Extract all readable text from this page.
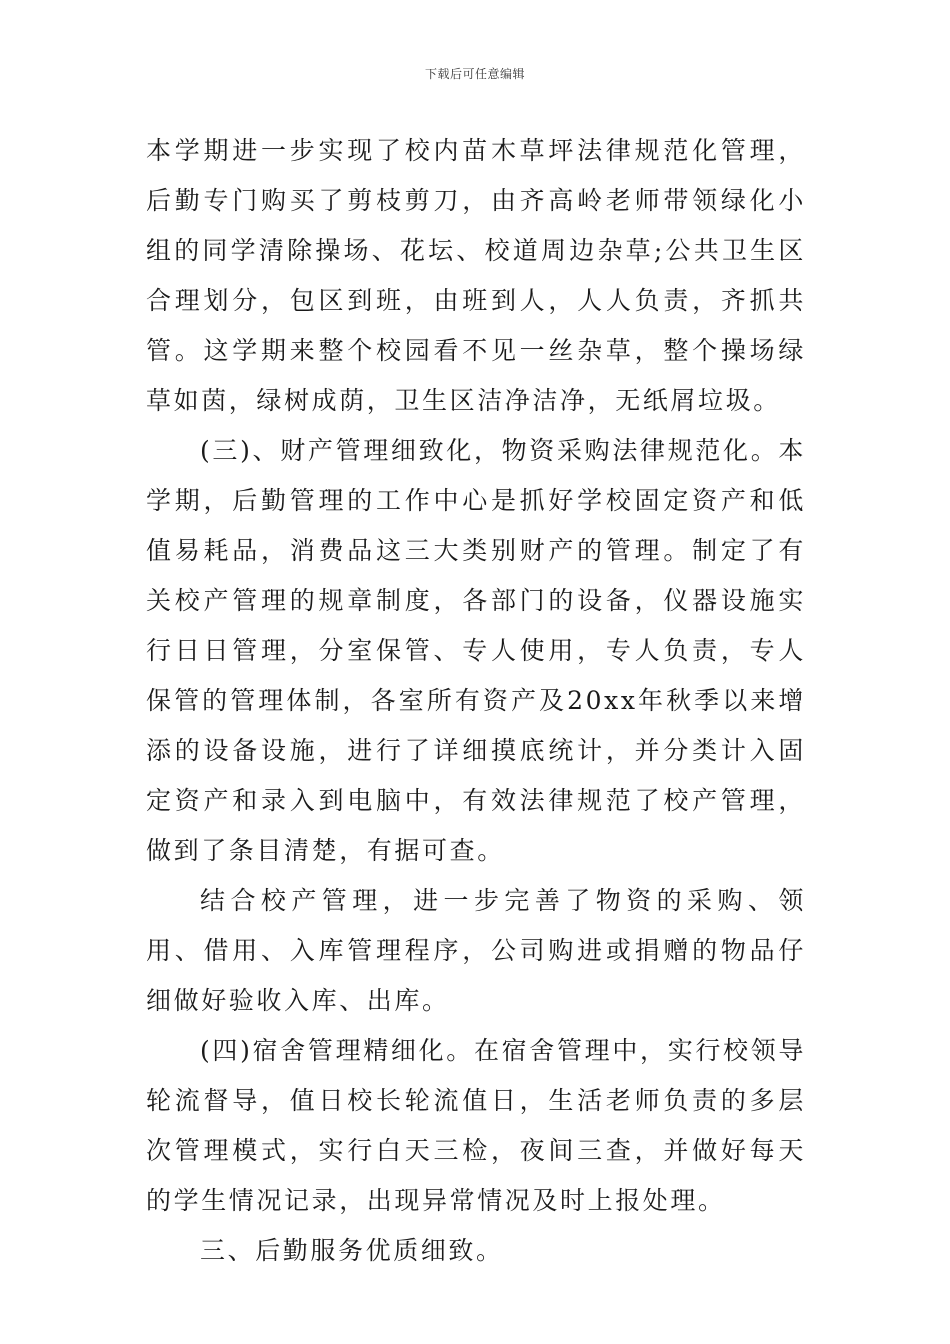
下载后可任意编辑

本学期进一步实现了校内苗木草坪法律规范化管理，后勤专门购买了剪枝剪刀，由齐高岭老师带领绿化小组的同学清除操场、花坛、校道周边杂草;公共卫生区合理划分，包区到班，由班到人，人人负责，齐抓共管。这学期来整个校园看不见一丝杂草，整个操场绿草如茵，绿树成荫，卫生区洁净洁净，无纸屑垃圾。

(三)、财产管理细致化，物资采购法律规范化。本学期，后勤管理的工作中心是抓好学校固定资产和低值易耗品，消费品这三大类别财产的管理。制定了有关校产管理的规章制度，各部门的设备，仪器设施实行日日管理，分室保管、专人使用，专人负责，专人保管的管理体制，各室所有资产及20xx年秋季以来增添的设备设施，进行了详细摸底统计，并分类计入固定资产和录入到电脑中，有效法律规范了校产管理，做到了条目清楚，有据可查。

结合校产管理，进一步完善了物资的采购、领用、借用、入库管理程序，公司购进或捐赠的物品仔细做好验收入库、出库。

(四)宿舍管理精细化。在宿舍管理中，实行校领导轮流督导，值日校长轮流值日，生活老师负责的多层次管理模式，实行白天三检，夜间三查，并做好每天的学生情况记录，出现异常情况及时上报处理。

三、后勤服务优质细致。
